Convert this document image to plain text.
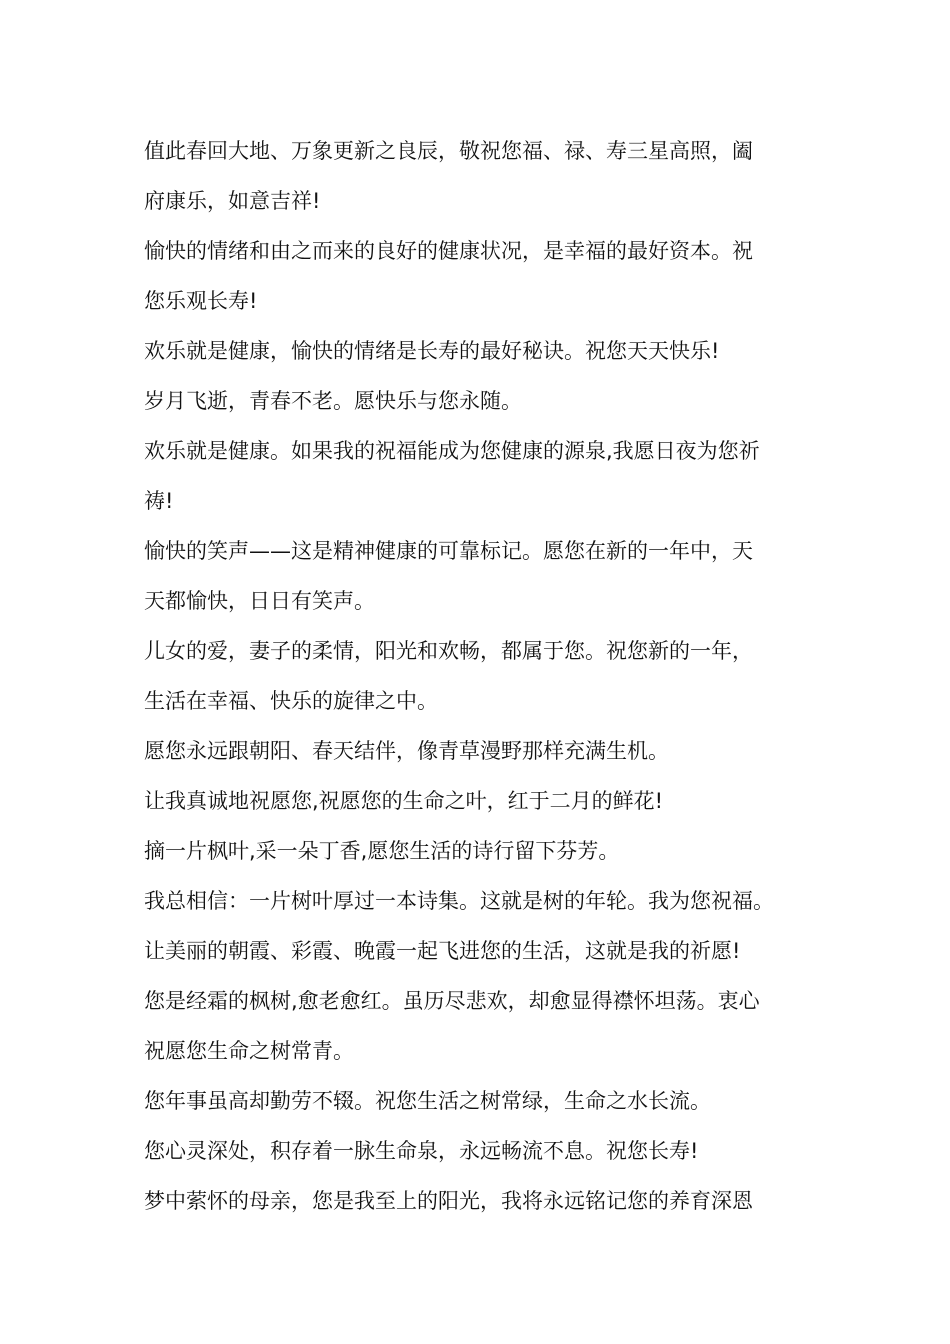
值此春回大地、万象更新之良辰，敬祝您福、禄、寿三星高照，阖
府康乐，如意吉祥!
愉快的情绪和由之而来的良好的健康状况，是幸福的最好资本。祝
您乐观长寿!
欢乐就是健康，愉快的情绪是长寿的最好秘诀。祝您天天快乐!
岁月飞逝，青春不老。愿快乐与您永随。
欢乐就是健康。如果我的祝福能成为您健康的源泉,我愿日夜为您祈
祷!
愉快的笑声——这是精神健康的可靠标记。愿您在新的一年中，天
天都愉快，日日有笑声。
儿女的爱，妻子的柔情，阳光和欢畅，都属于您。祝您新的一年，
生活在幸福、快乐的旋律之中。
愿您永远跟朝阳、春天结伴，像青草漫野那样充满生机。
让我真诚地祝愿您,祝愿您的生命之叶，红于二月的鲜花!
摘一片枫叶,采一朵丁香,愿您生活的诗行留下芬芳。
我总相信：一片树叶厚过一本诗集。这就是树的年轮。我为您祝福。
让美丽的朝霞、彩霞、晚霞一起飞进您的生活，这就是我的祈愿!
您是经霜的枫树,愈老愈红。虽历尽悲欢，却愈显得襟怀坦荡。衷心
祝愿您生命之树常青。
您年事虽高却勤劳不辍。祝您生活之树常绿，生命之水长流。
您心灵深处，积存着一脉生命泉，永远畅流不息。祝您长寿!
梦中萦怀的母亲，您是我至上的阳光，我将永远铭记您的养育深恩
